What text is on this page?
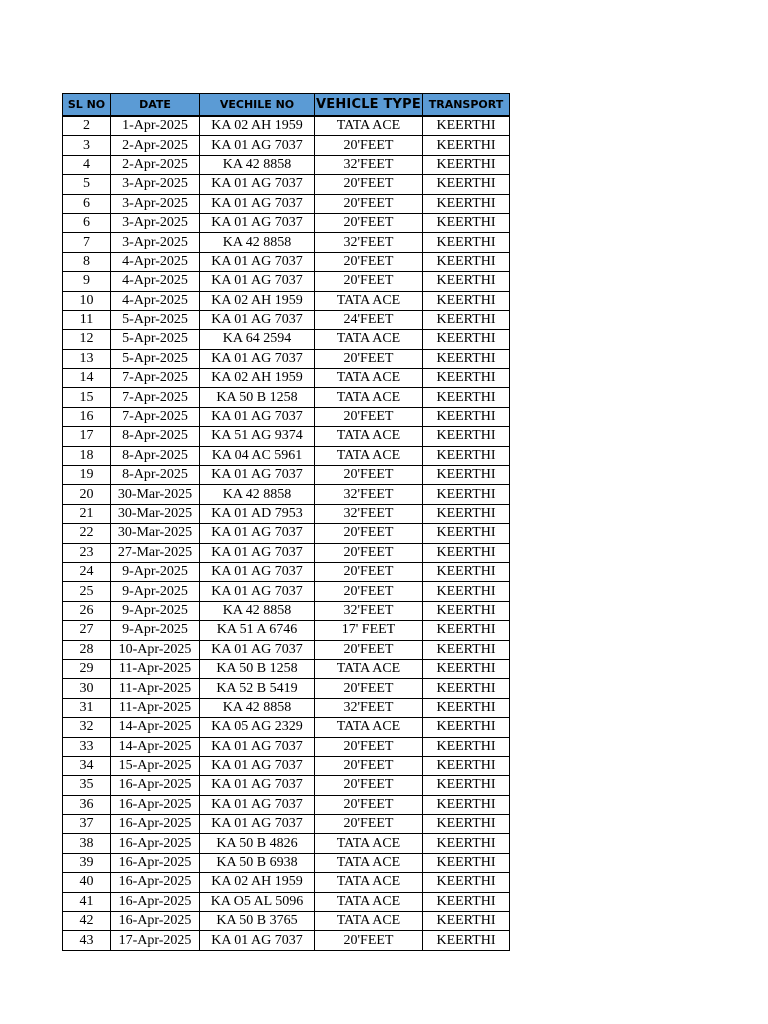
SL NO	DATE	VECHILE NO	VEHICLE TYPE	TRANSPORT
2	1-Apr-2025	KA 02 AH 1959	TATA ACE	KEERTHI
3	2-Apr-2025	KA 01 AG 7037	20'FEET	KEERTHI
4	2-Apr-2025	KA 42 8858	32'FEET	KEERTHI
5	3-Apr-2025	KA 01 AG 7037	20'FEET	KEERTHI
6	3-Apr-2025	KA 01 AG 7037	20'FEET	KEERTHI
6	3-Apr-2025	KA 01 AG 7037	20'FEET	KEERTHI
7	3-Apr-2025	KA 42 8858	32'FEET	KEERTHI
8	4-Apr-2025	KA 01 AG 7037	20'FEET	KEERTHI
9	4-Apr-2025	KA 01 AG 7037	20'FEET	KEERTHI
10	4-Apr-2025	KA 02 AH 1959	TATA ACE	KEERTHI
11	5-Apr-2025	KA 01 AG 7037	24'FEET	KEERTHI
12	5-Apr-2025	KA 64 2594	TATA ACE	KEERTHI
13	5-Apr-2025	KA 01 AG 7037	20'FEET	KEERTHI
14	7-Apr-2025	KA 02 AH 1959	TATA ACE	KEERTHI
15	7-Apr-2025	KA 50 B 1258	TATA ACE	KEERTHI
16	7-Apr-2025	KA 01 AG 7037	20'FEET	KEERTHI
17	8-Apr-2025	KA 51 AG 9374	TATA ACE	KEERTHI
18	8-Apr-2025	KA 04 AC 5961	TATA ACE	KEERTHI
19	8-Apr-2025	KA 01 AG 7037	20'FEET	KEERTHI
20	30-Mar-2025	KA 42 8858	32'FEET	KEERTHI
21	30-Mar-2025	KA 01 AD 7953	32'FEET	KEERTHI
22	30-Mar-2025	KA 01 AG 7037	20'FEET	KEERTHI
23	27-Mar-2025	KA 01 AG 7037	20'FEET	KEERTHI
24	9-Apr-2025	KA 01 AG 7037	20'FEET	KEERTHI
25	9-Apr-2025	KA 01 AG 7037	20'FEET	KEERTHI
26	9-Apr-2025	KA 42 8858	32'FEET	KEERTHI
27	9-Apr-2025	KA 51 A 6746	17' FEET	KEERTHI
28	10-Apr-2025	KA 01 AG 7037	20'FEET	KEERTHI
29	11-Apr-2025	KA 50 B 1258	TATA ACE	KEERTHI
30	11-Apr-2025	KA 52 B 5419	20'FEET	KEERTHI
31	11-Apr-2025	KA 42 8858	32'FEET	KEERTHI
32	14-Apr-2025	KA 05 AG 2329	TATA ACE	KEERTHI
33	14-Apr-2025	KA 01 AG 7037	20'FEET	KEERTHI
34	15-Apr-2025	KA 01 AG 7037	20'FEET	KEERTHI
35	16-Apr-2025	KA 01 AG 7037	20'FEET	KEERTHI
36	16-Apr-2025	KA 01 AG 7037	20'FEET	KEERTHI
37	16-Apr-2025	KA 01 AG 7037	20'FEET	KEERTHI
38	16-Apr-2025	KA 50 B 4826	TATA ACE	KEERTHI
39	16-Apr-2025	KA 50 B 6938	TATA ACE	KEERTHI
40	16-Apr-2025	KA 02 AH 1959	TATA ACE	KEERTHI
41	16-Apr-2025	KA O5 AL 5096	TATA ACE	KEERTHI
42	16-Apr-2025	KA 50 B 3765	TATA ACE	KEERTHI
43	17-Apr-2025	KA 01 AG 7037	20'FEET	KEERTHI
